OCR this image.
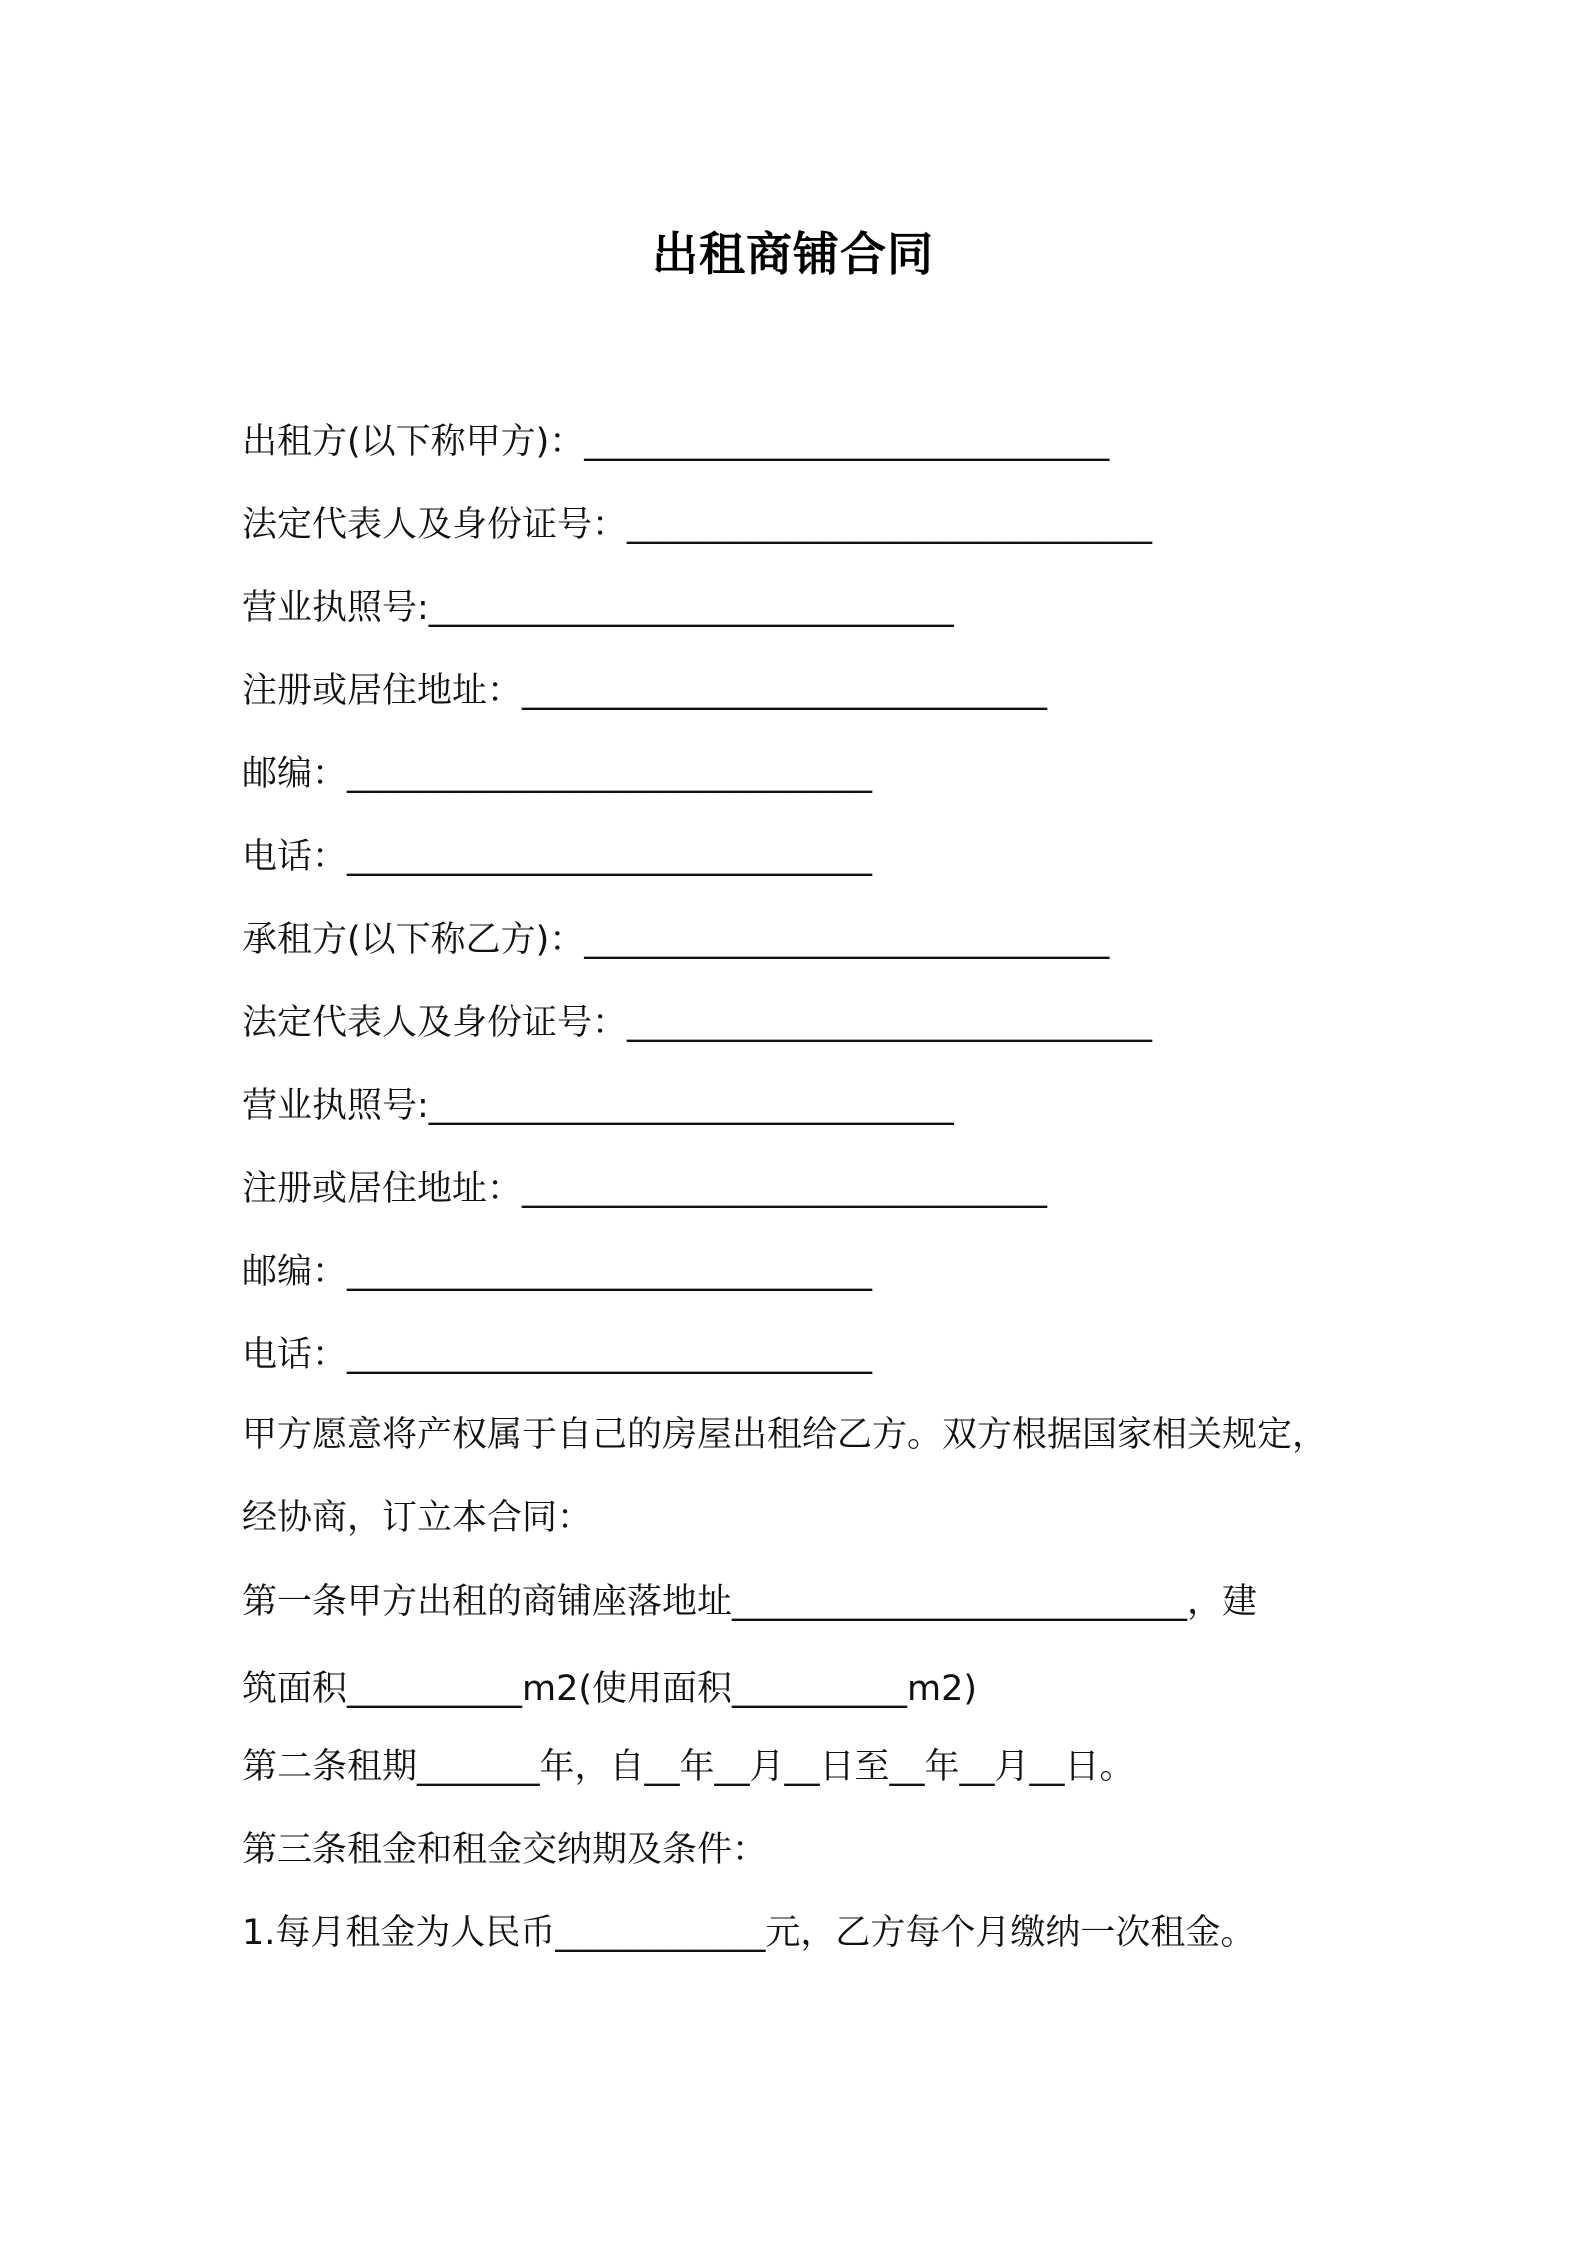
出租商铺合同
出租方(以下称甲方)：______________________________
法定代表人及身份证号：______________________________
营业执照号:______________________________
注册或居住地址：______________________________
邮编：______________________________
电话：______________________________
承租方(以下称乙方)：______________________________
法定代表人及身份证号：______________________________
营业执照号:______________________________
注册或居住地址：______________________________
邮编：______________________________
电话：______________________________
甲方愿意将产权属于自己的房屋出租给乙方。双方根据国家相关规定，
经协商，订立本合同：
第一条甲方出租的商铺座落地址__________________________，建
筑面积__________m2(使用面积__________m2)
第二条租期_______年，自__年__月__日至__年__月__日。
第三条租金和租金交纳期及条件：
1.每月租金为人民币____________元，乙方每个月缴纳一次租金。
